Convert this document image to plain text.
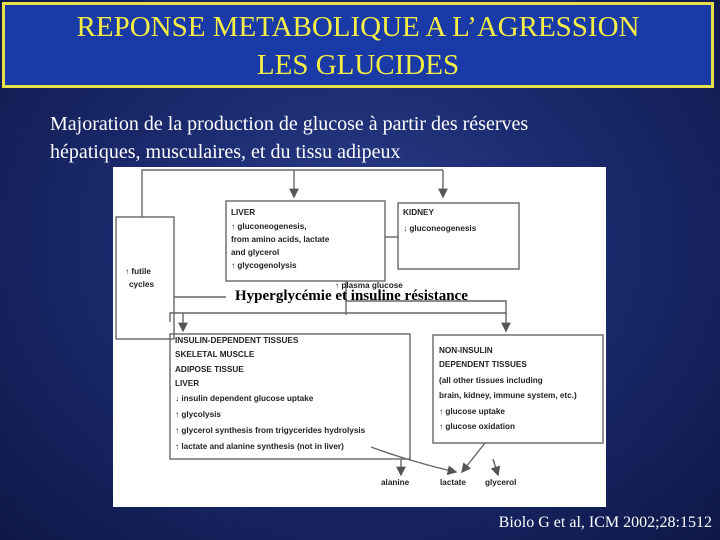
REPONSE METABOLIQUE A L’AGRESSION
LES GLUCIDES
Majoration de la production de glucose à partir des réserves
hépatiques, musculaires, et du tissu adipeux
LIVER
↑ gluconeogenesis,
from amino acids, lactate
and glycerol
↑ glycogenolysis
KIDNEY
↓ gluconeogenesis
↑ futile
cycles	↑ plasma glucose
INSULIN-DEPENDENT TISSUES
SKELETAL MUSCLE
ADIPOSE TISSUE
LIVER
↓ insulin dependent glucose uptake
↑ glycolysis
↑ glycerol synthesis from trigycerides hydrolysis
↑ lactate and alanine synthesis (not in liver)
NON-INSULIN
DEPENDENT TISSUES
(all other tissues including
brain, kidney, immune system, etc.)
↑ glucose uptake
↑ glucose oxidation
alanine	lactate glycerol
Hyperglycémie et insuline résistance
Biolo G et al, ICM 2002;28:1512
